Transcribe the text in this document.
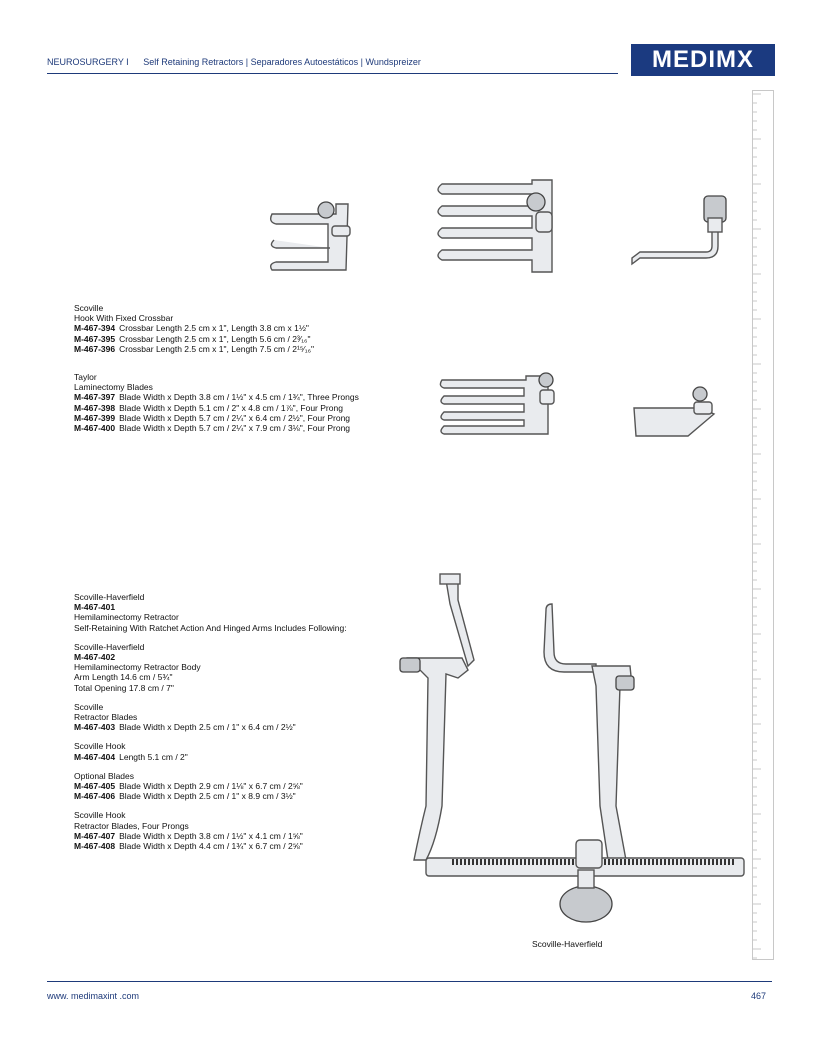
NEUROSURGERY I Self Retaining Retractors | Separadores Autoestáticos | Wundspreizer	MEDIMX

Scoville

Hook With Fixed Crossbar

M-467-394 Crossbar Length 2.5 cm x 1", Length 3.8 cm x 1½"

M-467-395 Crossbar Length 2.5 cm x 1", Length 5.6 cm / 2³⁄₁₆"

M-467-396 Crossbar Length 2.5 cm x 1", Length 7.5 cm / 2¹⁵⁄₁₆"

Taylor

Laminectomy Blades

M-467-397 Blade Width x Depth 3.8 cm / 1½" x 4.5 cm / 1¾", Three Prongs

M-467-398 Blade Width x Depth 5.1 cm / 2" x 4.8 cm / 1⅞", Four Prong

M-467-399 Blade Width x Depth 5.7 cm / 2¼" x 6.4 cm / 2½", Four Prong

M-467-400 Blade Width x Depth 5.7 cm / 2¼" x 7.9 cm / 3⅛", Four Prong

Scoville-Haverfield

M-467-401

Hemilaminectomy Retractor

Self-Retaining With Ratchet Action And Hinged Arms Includes Following:

Scoville-Haverfield

M-467-402

Hemilaminectomy Retractor Body

Arm Length 14.6 cm / 5¾"

Total Opening 17.8 cm / 7"

Scoville

Retractor Blades

M-467-403 Blade Width x Depth 2.5 cm / 1" x 6.4 cm / 2½"

Scoville Hook

M-467-404 Length 5.1 cm / 2"

Optional Blades

M-467-405 Blade Width x Depth 2.9 cm / 1⅛" x 6.7 cm / 2⅝"

M-467-406 Blade Width x Depth 2.5 cm / 1" x 8.9 cm / 3½"

Scoville Hook

Retractor Blades, Four Prongs

M-467-407 Blade Width x Depth 3.8 cm / 1½" x 4.1 cm / 1⅝"

M-467-408 Blade Width x Depth 4.4 cm / 1¾" x 6.7 cm / 2⅝"

Scoville-Haverfield
www. medimaxint .com	467
